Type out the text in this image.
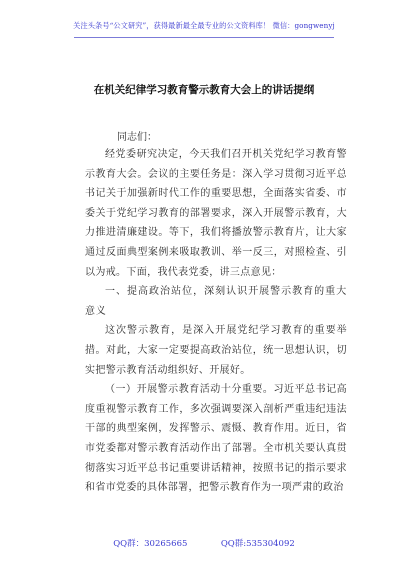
关注头条号“公文研究”，获得最新最全最专业的公文资料库！ 微信：gongwenyj
在机关纪律学习教育警示教育大会上的讲话提纲
同志们：

经党委研究决定，今天我们召开机关党纪学习教育警示教育大会。会议的主要任务是：深入学习贯彻习近平总书记关于加强新时代工作的重要思想，全面落实省委、市委关于党纪学习教育的部署要求，深入开展警示教育，大力推进清廉建设。等下，我们将播放警示教育片，让大家通过反面典型案例来吸取教训、举一反三，对照检查、引以为戒。下面，我代表党委，讲三点意见：

一、提高政治站位，深刻认识开展警示教育的重大意义

这次警示教育，是深入开展党纪学习教育的重要举措。对此，大家一定要提高政治站位，统一思想认识，切实把警示教育活动组织好、开展好。

（一）开展警示教育活动十分重要。习近平总书记高度重视警示教育工作，多次强调要深入剖析严重违纪违法干部的典型案例，发挥警示、震慑、教育作用。近日，省市党委都对警示教育活动作出了部署。全市机关要认真贯彻落实习近平总书记重要讲话精神，按照书记的指示要求和省市党委的具体部署，把警示教育作为一项严肃的政治

QQ群：30265665	QQ群:535304092
